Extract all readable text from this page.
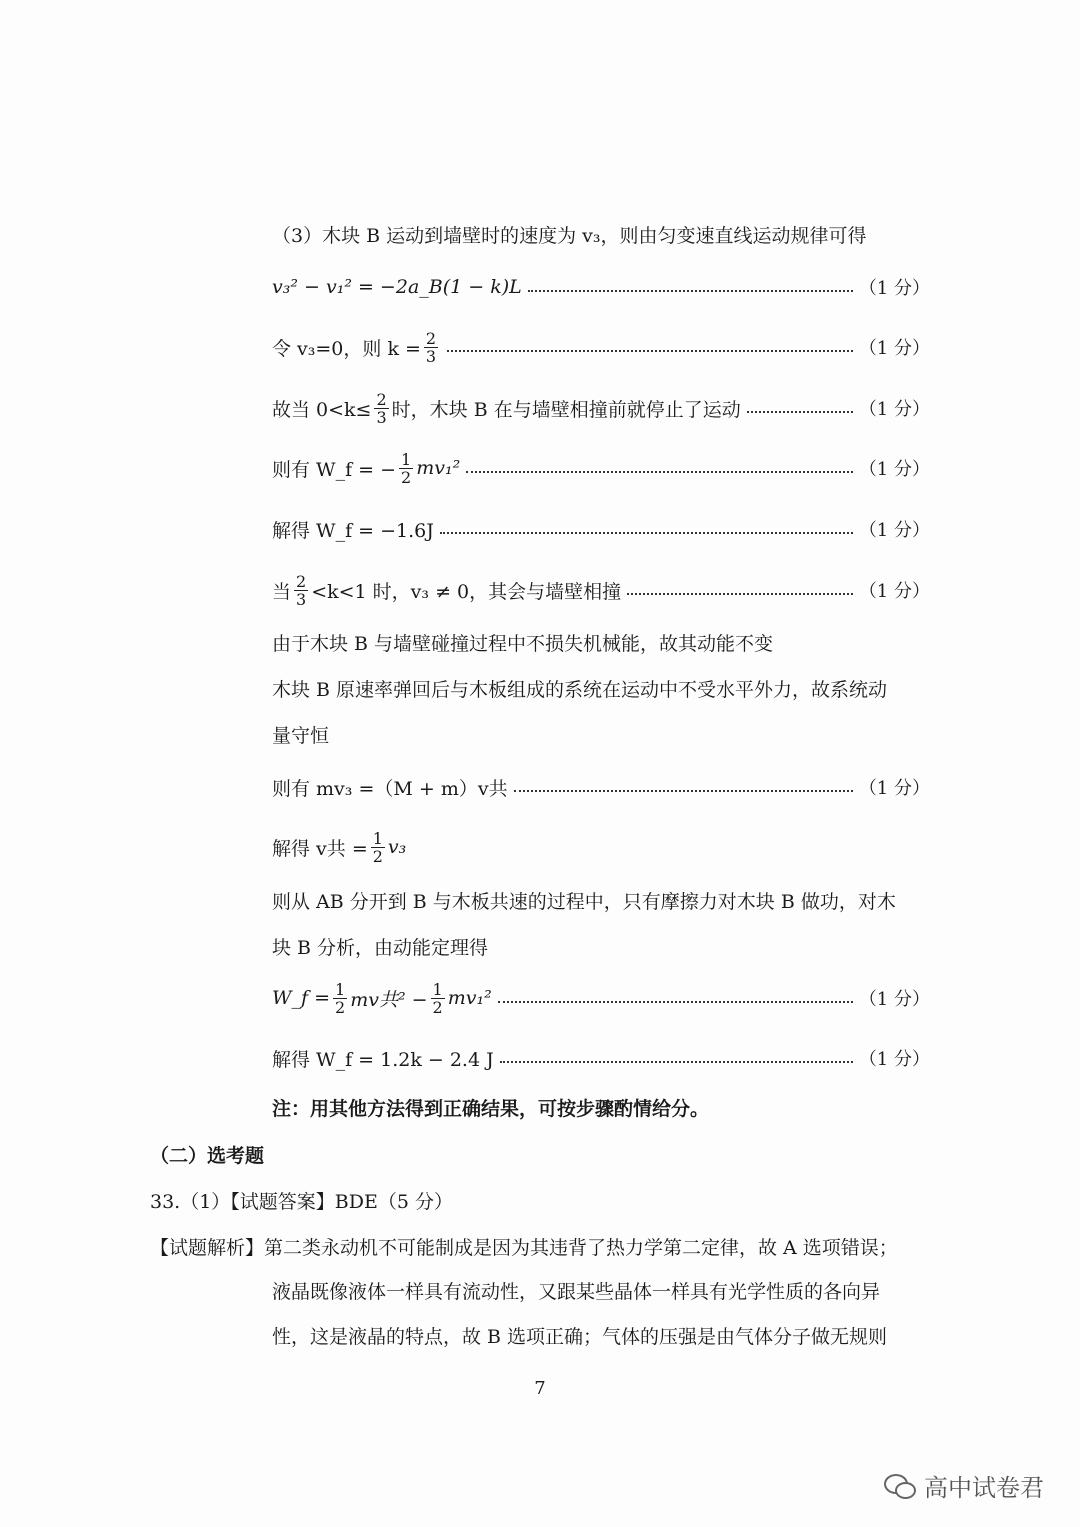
（3）木块 B 运动到墙壁时的速度为 v₃，则由匀变速直线运动规律可得
v₃² − v₁² = −2a_B(1 − k)L	（1 分）
令 v₃=0，则 $k = \frac{2}{3}$	（1 分）
故当 $0<k\le \frac{2}{3}$ 时，木块 B 在与墙壁相撞前就停止了运动	（1 分）
则有 W_f = − $\frac{1}{2} mv_1^2$	（1 分）
解得 W_f = −1.6J	（1 分）
当 $\frac{2}{3} <k<1$ 时，v₃ ≠ 0，其会与墙壁相撞	（1 分）
由于木块 B 与墙壁碰撞过程中不损失机械能，故其动能不变
木块 B 原速率弹回后与木板组成的系统在运动中不受水平外力，故系统动
量守恒
则有 mv₃ =（M + m）v共	（1 分）
解得 v共 = $\frac{1}{2} v_3$
则从 AB 分开到 B 与木板共速的过程中，只有摩擦力对木块 B 做功，对木
块 B 分析，由动能定理得
W_f = $\frac{1}{2}$ mv共$^2 - \frac{1}{2} mv_1^2$	（1 分）
解得 W_f = 1.2k − 2.4 J	（1 分）
注：用其他方法得到正确结果，可按步骤酌情给分。
（二）选考题
33.（1）【试题答案】BDE（5 分）
【试题解析】第二类永动机不可能制成是因为其违背了热力学第二定律，故 A 选项错误；
液晶既像液体一样具有流动性，又跟某些晶体一样具有光学性质的各向异
性，这是液晶的特点，故 B 选项正确；气体的压强是由气体分子做无规则
7
高中试卷君
